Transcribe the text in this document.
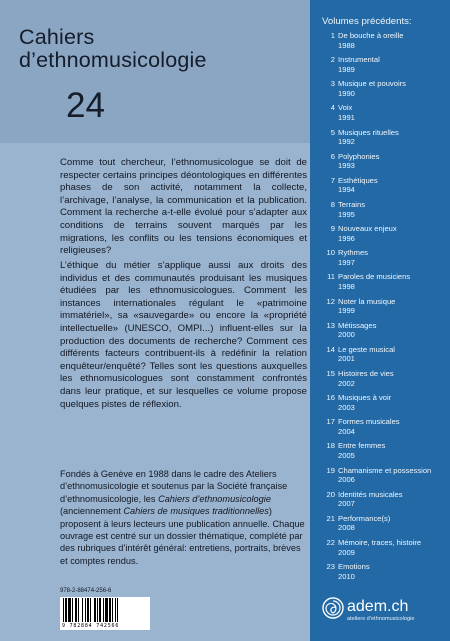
Cahiers
d’ethnomusicologie
24

Comme tout chercheur, l’ethnomusicologue se doit de respecter certains principes déontologiques en différentes phases de son activité, notamment la collecte, l’archivage, l’analyse, la communication et la publication. Comment la recherche a-t-elle évolué pour s’adapter aux conditions de terrains souvent marqués par les migrations, les conflits ou les tensions économiques et religieuses?

L’éthique du métier s’applique aussi aux droits des individus et des communautés produisant les musiques étudiées par les ethnomusicologues. Comment les instances internationales régulant le «patrimoine immatériel», sa «sauvegarde» ou encore la «propriété intellectuelle» (UNESCO, OMPI...) influent-elles sur la production des documents de recherche? Comment ces différents facteurs contribuent-ils à redéfinir la relation enquêteur/enquêté? Telles sont les questions auxquelles les ethnomusicologues sont constamment confrontés dans leur pratique, et sur lesquelles ce volume propose quelques pistes de réflexion.

Fondés à Genève en 1988 dans le cadre des Ateliers d’ethnomusicologie et soutenus par la Société française d’ethnomusicologie, les Cahiers d’ethnomusicologie (anciennement Cahiers de musiques traditionnelles) proposent à leurs lecteurs une publication annuelle. Chaque ouvrage est centré sur un dossier thématique, complété par des rubriques d’intérêt général: entretiens, portraits, brèves et comptes rendus.

978-2-88474-256-6
9 782884 742566
Volumes précédents:
1 De bouche à oreille
1988
2 Instrumental
1989
3 Musique et pouvoirs
1990
4 Voix
1991
5 Musiques rituelles
1992
6 Polyphonies
1993
7 Esthétiques
1994
8 Terrains
1995
9 Nouveaux enjeux
1996
10 Rythmes
1997
11 Paroles de musiciens
1998
12 Noter la musique
1999
13 Métissages
2000
14 Le geste musical
2001
15 Histoires de vies
2002
16 Musiques à voir
2003
17 Formes musicales
2004
18 Entre femmes
2005
19 Chamanisme et possession
2006
20 Identités musicales
2007
21 Performance(s)
2008
22 Mémoire, traces, histoire
2009
23 Emotions
2010
adem.ch
ateliers d’ethnomusicologie
